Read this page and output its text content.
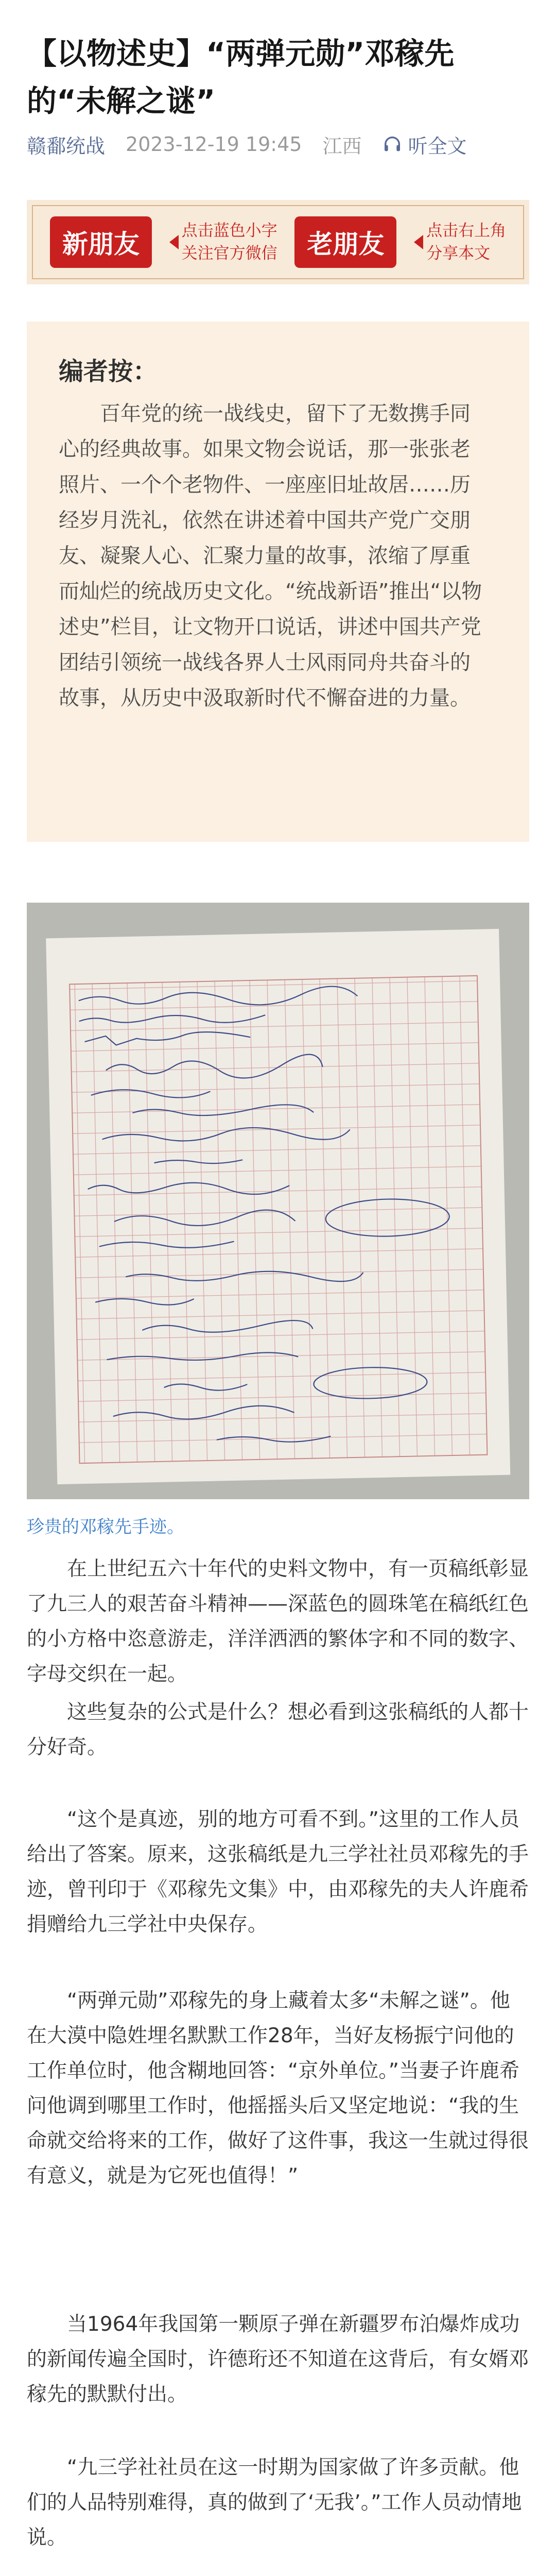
【以物述史】“两弹元勋”邓稼先的“未解之谜”
赣鄱统战 2023-12-19 19:45 江西 听全文
新朋友	点击蓝色小字
关注官方微信	老朋友	点击右上角
分享本文
编者按：

百年党的统一战线史，留下了无数携手同心的经典故事。如果文物会说话，那一张张老照片、一个个老物件、一座座旧址故居……历经岁月洗礼，依然在讲述着中国共产党广交朋友、凝聚人心、汇聚力量的故事，浓缩了厚重而灿烂的统战历史文化。“统战新语”推出“以物述史”栏目，让文物开口说话，讲述中国共产党团结引领统一战线各界人士风雨同舟共奋斗的故事，从历史中汲取新时代不懈奋进的力量。

珍贵的邓稼先手迹。

在上世纪五六十年代的史料文物中，有一页稿纸彰显了九三人的艰苦奋斗精神——深蓝色的圆珠笔在稿纸红色的小方格中恣意游走，洋洋洒洒的繁体字和不同的数字、字母交织在一起。

这些复杂的公式是什么？想必看到这张稿纸的人都十分好奇。

“这个是真迹，别的地方可看不到。”这里的工作人员给出了答案。原来，这张稿纸是九三学社社员邓稼先的手迹，曾刊印于《邓稼先文集》中，由邓稼先的夫人许鹿希捐赠给九三学社中央保存。

“两弹元勋”邓稼先的身上藏着太多“未解之谜”。他在大漠中隐姓埋名默默工作28年，当好友杨振宁问他的工作单位时，他含糊地回答：“京外单位。”当妻子许鹿希问他调到哪里工作时，他摇摇头后又坚定地说：“我的生命就交给将来的工作，做好了这件事，我这一生就过得很有意义，就是为它死也值得！”

当1964年我国第一颗原子弹在新疆罗布泊爆炸成功的新闻传遍全国时，许德珩还不知道在这背后，有女婿邓稼先的默默付出。

“九三学社社员在这一时期为国家做了许多贡献。他们的人品特别难得，真的做到了‘无我’。”工作人员动情地说。
